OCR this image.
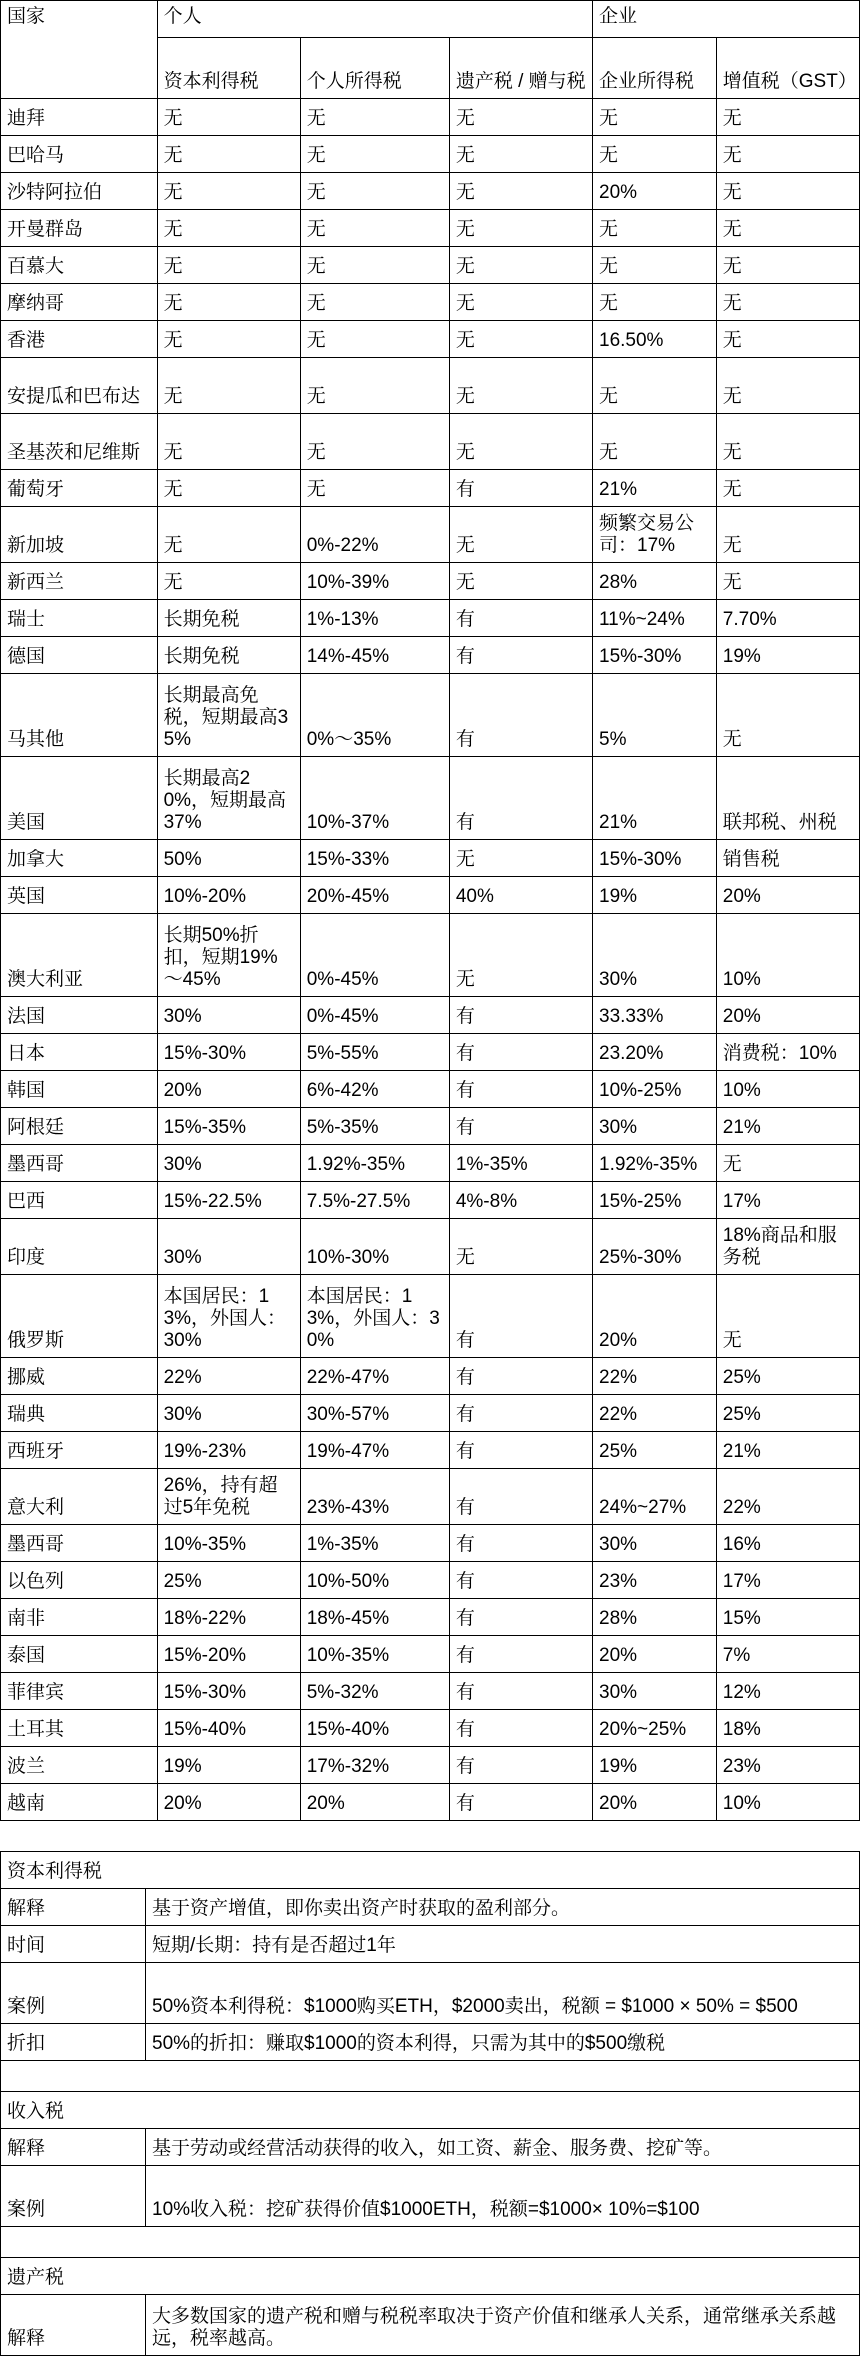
国家	个人			企业	
	资本利得税	个人所得税	遗产税 / 赠与税	企业所得税	增值税（GST）
迪拜	无	无	无	无	无
巴哈马	无	无	无	无	无
沙特阿拉伯	无	无	无	20%	无
开曼群岛	无	无	无	无	无
百慕大	无	无	无	无	无
摩纳哥	无	无	无	无	无
香港	无	无	无	16.50%	无
安提瓜和巴布达	无	无	无	无	无
圣基茨和尼维斯	无	无	无	无	无
葡萄牙	无	无	有	21%	无
新加坡	无	0%-22%	无	频繁交易公司：17%	无
新西兰	无	10%-39%	无	28%	无
瑞士	长期免税	1%-13%	有	11%~24%	7.70%
德国	长期免税	14%-45%	有	15%-30%	19%
马其他	长期最高免税，短期最高35%	0%～35%	有	5%	无
美国	长期最高20%，短期最高37%	10%-37%	有	21%	联邦税、州税
加拿大	50%	15%-33%	无	15%-30%	销售税
英国	10%-20%	20%-45%	40%	19%	20%
澳大利亚	长期50%折扣，短期19%～45%	0%-45%	无	30%	10%
法国	30%	0%-45%	有	33.33%	20%
日本	15%-30%	5%-55%	有	23.20%	消费税：10%
韩国	20%	6%-42%	有	10%-25%	10%
阿根廷	15%-35%	5%-35%	有	30%	21%
墨西哥	30%	1.92%-35%	1%-35%	1.92%-35%	无
巴西	15%-22.5%	7.5%-27.5%	4%-8%	15%-25%	17%
印度	30%	10%-30%	无	25%-30%	18%商品和服务税
俄罗斯	本国居民：13%，外国人：30%	本国居民：13%，外国人：30%	有	20%	无
挪威	22%	22%-47%	有	22%	25%
瑞典	30%	30%-57%	有	22%	25%
西班牙	19%-23%	19%-47%	有	25%	21%
意大利	26%，持有超过5年免税	23%-43%	有	24%~27%	22%
墨西哥	10%-35%	1%-35%	有	30%	16%
以色列	25%	10%-50%	有	23%	17%
南非	18%-22%	18%-45%	有	28%	15%
泰国	15%-20%	10%-35%	有	20%	7%
菲律宾	15%-30%	5%-32%	有	30%	12%
土耳其	15%-40%	15%-40%	有	20%~25%	18%
波兰	19%	17%-32%	有	19%	23%
越南	20%	20%	有	20%	10%
资本利得税	
解释	基于资产增值，即你卖出资产时获取的盈利部分。
时间	短期/长期：持有是否超过1年
案例	50%资本利得税：$1000购买ETH，$2000卖出，税额 = $1000 × 50% = $500
折扣	50%的折扣：赚取$1000的资本利得，只需为其中的$500缴税

收入税	
解释	基于劳动或经营活动获得的收入，如工资、薪金、服务费、挖矿等。
案例	10%收入税：挖矿获得价值$1000ETH，税额=$1000× 10%=$100

遗产税	
解释	大多数国家的遗产税和赠与税税率取决于资产价值和继承人关系，通常继承关系越远，税率越高。
